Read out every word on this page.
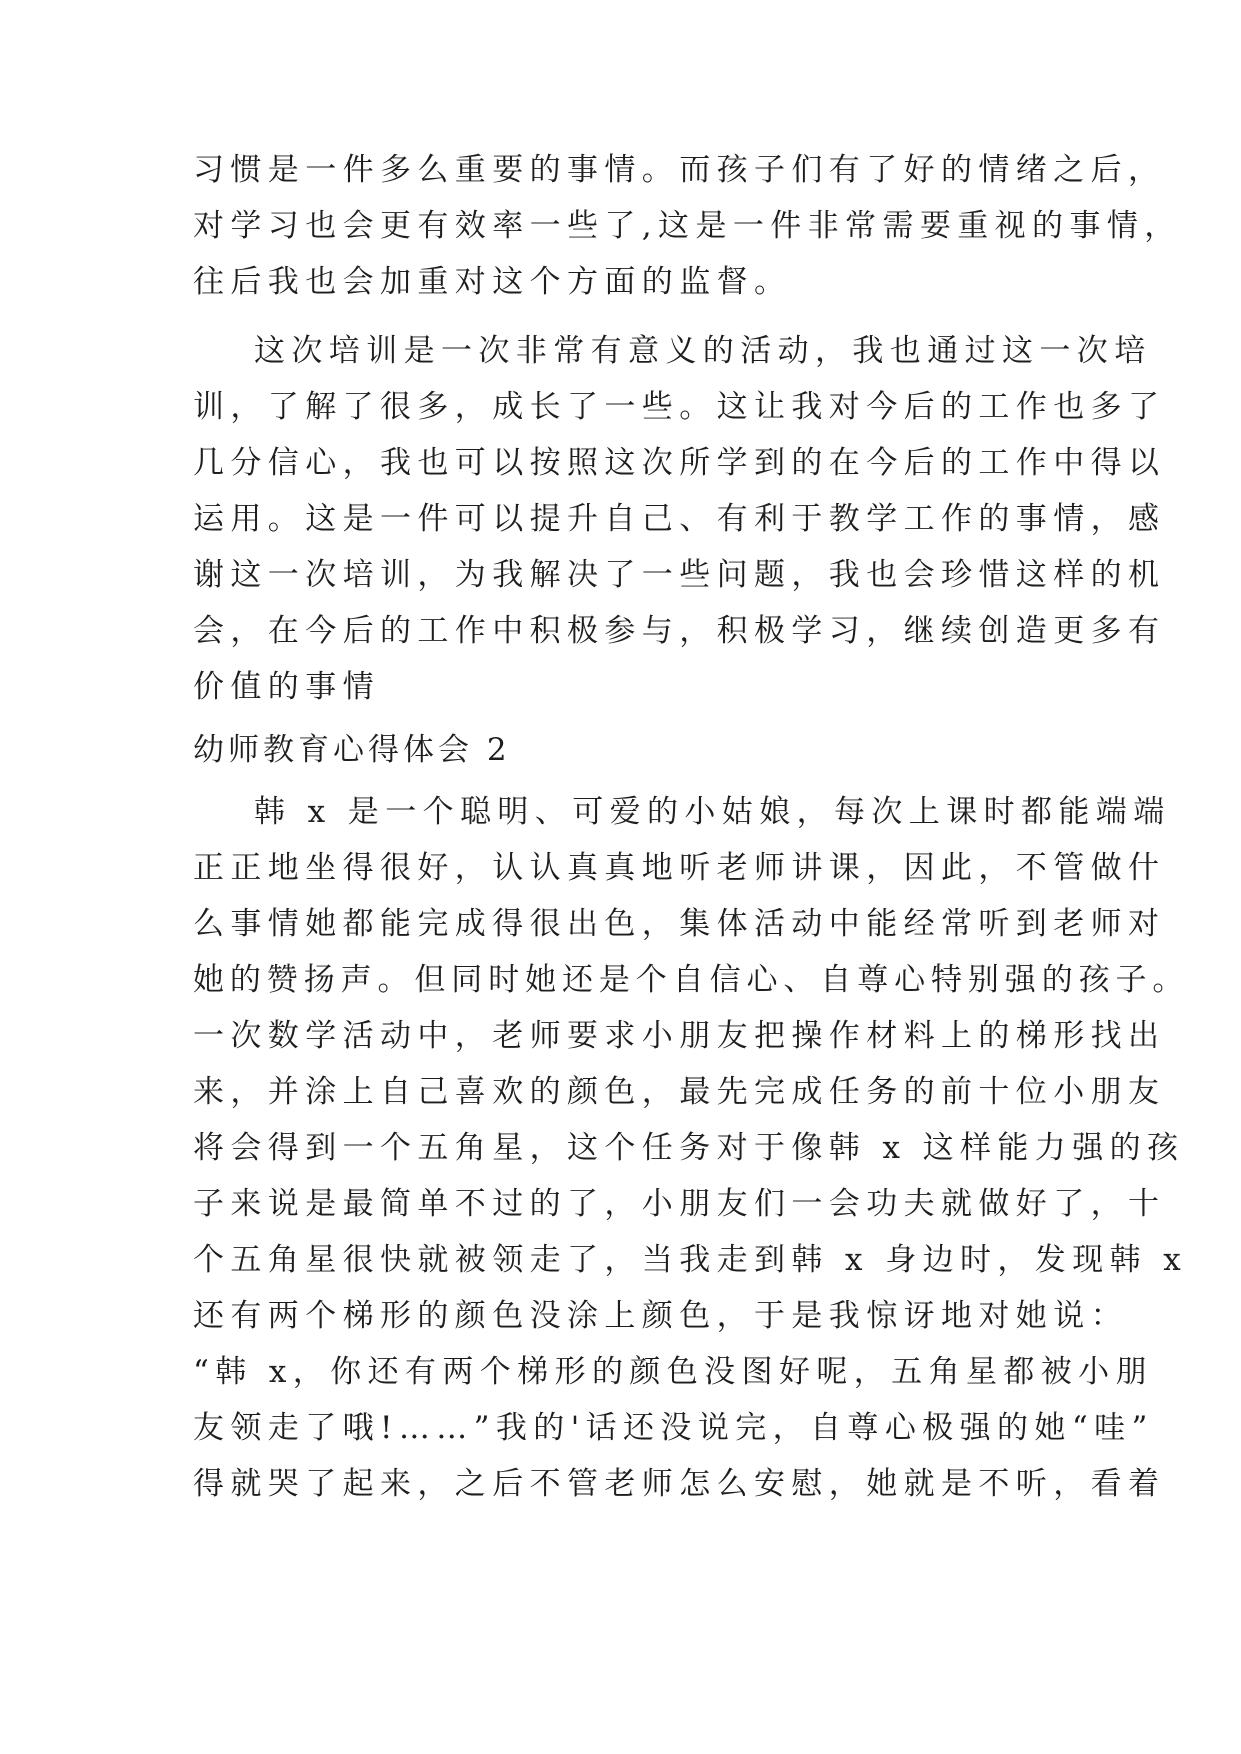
习惯是一件多么重要的事情。而孩子们有了好的情绪之后，
对学习也会更有效率一些了,这是一件非常需要重视的事情，
往后我也会加重对这个方面的监督。
这次培训是一次非常有意义的活动，我也通过这一次培
训，了解了很多，成长了一些。这让我对今后的工作也多了
几分信心，我也可以按照这次所学到的在今后的工作中得以
运用。这是一件可以提升自己、有利于教学工作的事情，感
谢这一次培训，为我解决了一些问题，我也会珍惜这样的机
会，在今后的工作中积极参与，积极学习，继续创造更多有
价值的事情
幼师教育心得体会 2
韩 x 是一个聪明、可爱的小姑娘，每次上课时都能端端
正正地坐得很好，认认真真地听老师讲课，因此，不管做什
么事情她都能完成得很出色，集体活动中能经常听到老师对
她的赞扬声。但同时她还是个自信心、自尊心特别强的孩子。
一次数学活动中，老师要求小朋友把操作材料上的梯形找出
来，并涂上自己喜欢的颜色，最先完成任务的前十位小朋友
将会得到一个五角星，这个任务对于像韩 x 这样能力强的孩
子来说是最简单不过的了，小朋友们一会功夫就做好了，十
个五角星很快就被领走了，当我走到韩 x 身边时，发现韩 x
还有两个梯形的颜色没涂上颜色，于是我惊讶地对她说：
“韩 x，你还有两个梯形的颜色没图好呢，五角星都被小朋
友领走了哦!……”我的'话还没说完，自尊心极强的她“哇”
得就哭了起来，之后不管老师怎么安慰，她就是不听，看着
